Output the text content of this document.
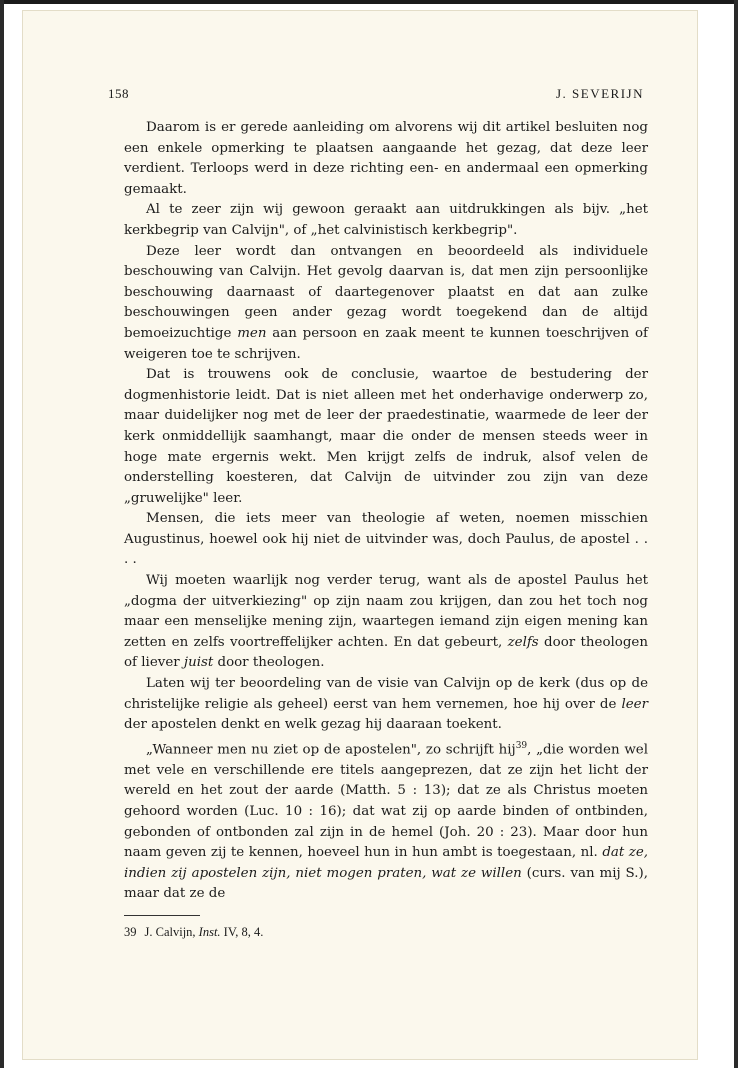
158	J. SEVERIJN

Daarom is er gerede aanleiding om alvorens wij dit artikel besluiten nog een enkele opmerking te plaatsen aangaande het gezag, dat deze leer verdient. Terloops werd in deze richting een- en andermaal een opmerking gemaakt.

Al te zeer zijn wij gewoon geraakt aan uitdrukkingen als bijv. „het kerkbegrip van Calvijn", of „het calvinistisch kerkbegrip".

Deze leer wordt dan ontvangen en beoordeeld als individuele beschouwing van Calvijn. Het gevolg daarvan is, dat men zijn persoonlijke beschouwing daarnaast of daartegenover plaatst en dat aan zulke beschouwingen geen ander gezag wordt toegekend dan de altijd bemoeizuchtige men aan persoon en zaak meent te kunnen toeschrijven of weigeren toe te schrijven.

Dat is trouwens ook de conclusie, waartoe de bestudering der dogmenhistorie leidt. Dat is niet alleen met het onderhavige onderwerp zo, maar duidelijker nog met de leer der praedestinatie, waarmede de leer der kerk onmiddellijk saamhangt, maar die onder de mensen steeds weer in hoge mate ergernis wekt. Men krijgt zelfs de indruk, alsof velen de onderstelling koesteren, dat Calvijn de uitvinder zou zijn van deze „gruwelijke" leer.

Mensen, die iets meer van theologie af weten, noemen misschien Augustinus, hoewel ook hij niet de uitvinder was, doch Paulus, de apostel . . . .

Wij moeten waarlijk nog verder terug, want als de apostel Paulus het „dogma der uitverkiezing" op zijn naam zou krijgen, dan zou het toch nog maar een menselijke mening zijn, waartegen iemand zijn eigen mening kan zetten en zelfs voortreffelijker achten. En dat gebeurt, zelfs door theologen of liever juist door theologen.

Laten wij ter beoordeling van de visie van Calvijn op de kerk (dus op de christelijke religie als geheel) eerst van hem vernemen, hoe hij over de leer der apostelen denkt en welk gezag hij daaraan toekent.

„Wanneer men nu ziet op de apostelen", zo schrijft hij$^{39}$, „die worden wel met vele en verschillende ere titels aangeprezen, dat ze zijn het licht der wereld en het zout der aarde (Matth. 5 : 13); dat ze als Christus moeten gehoord worden (Luc. 10 : 16); dat wat zij op aarde binden of ontbinden, gebonden of ontbonden zal zijn in de hemel (Joh. 20 : 23). Maar door hun naam geven zij te kennen, hoeveel hun in hun ambt is toegestaan, nl. dat ze, indien zij apostelen zijn, niet mogen praten, wat ze willen (curs. van mij S.), maar dat ze de

39 J. Calvijn, Inst. IV, 8, 4.
